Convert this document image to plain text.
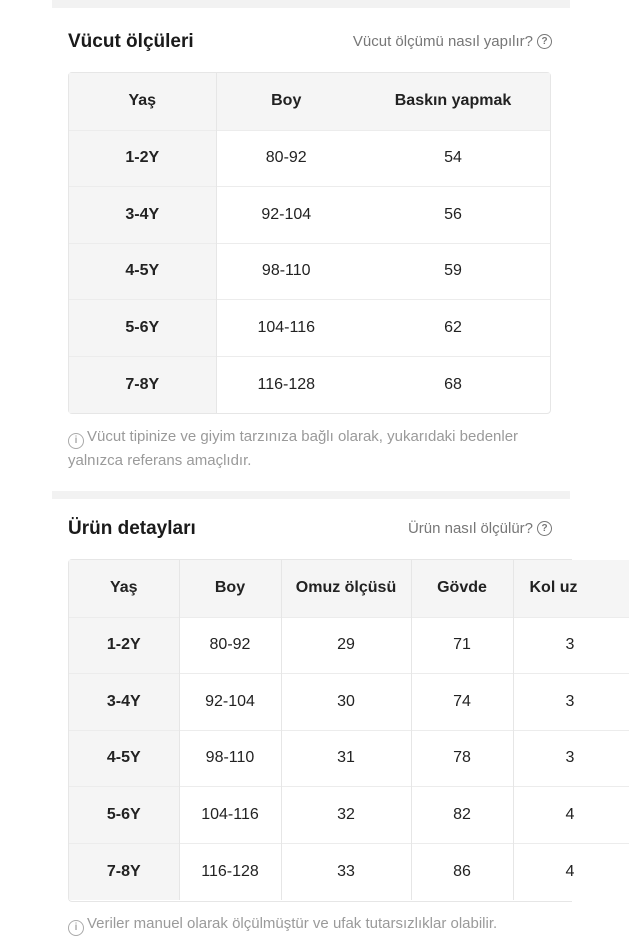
Vücut ölçüleri	Vücut ölçümü nasıl yapılır? ?
Yaş	Boy	Baskın yapmak
1-2Y	80-92	54
3-4Y	92-104	56
4-5Y	98-110	59
5-6Y	104-116	62
7-8Y	116-128	68
i Vücut tipinize ve giyim tarzınıza bağlı olarak, yukarıdaki bedenler yalnızca referans amaçlıdır.
Ürün detayları	Ürün nasıl ölçülür? ?
Yaş	Boy	Omuz ölçüsü	Gövde	Kol uz
1-2Y	80-92	29	71	3
3-4Y	92-104	30	74	3
4-5Y	98-110	31	78	3
5-6Y	104-116	32	82	4
7-8Y	116-128	33	86	4
i Veriler manuel olarak ölçülmüştür ve ufak tutarsızlıklar olabilir.
